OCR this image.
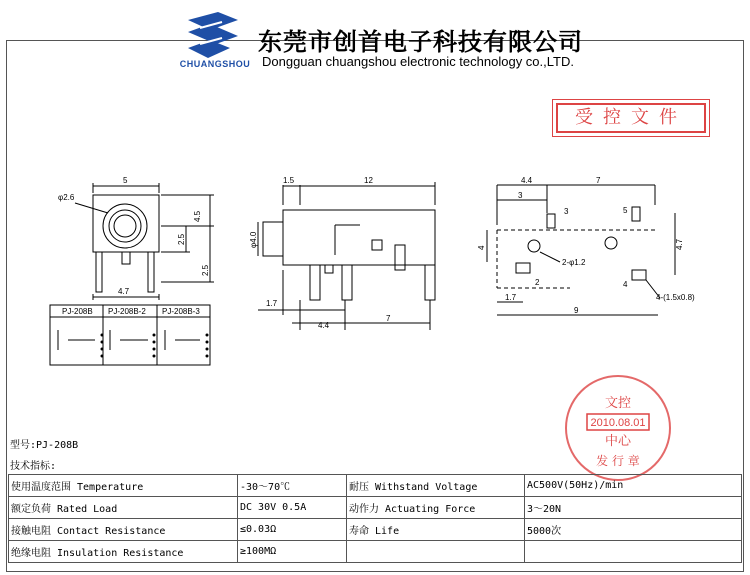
CHUANGSHOU
东莞市创首电子科技有限公司
Dongguan chuangshou electronic technology co.,LTD.
受控文件
5
φ2.6
4.5
2.5
2.5
4.7
1.5	12
φ4.0
1.7
4.4
7
4.4	7
3
4
2-φ1.2
4.7
4-(1.5x0.8)
1.7
9
3
2
5
4
PJ-208B PJ-208B-2 PJ-208B-3
文控
2010.08.01
中心
发 行 章
型号:PJ-208B
技术指标:
使用温度范围 Temperature	-30～70℃	耐压 Withstand Voltage	AC500V(50Hz)/min
额定负荷 Rated Load	DC 30V 0.5A	动作力 Actuating Force	3～20N
接触电阻 Contact Resistance	≤0.03Ω	寿命 Life	5000次
绝缘电阻 Insulation Resistance	≥100MΩ		
